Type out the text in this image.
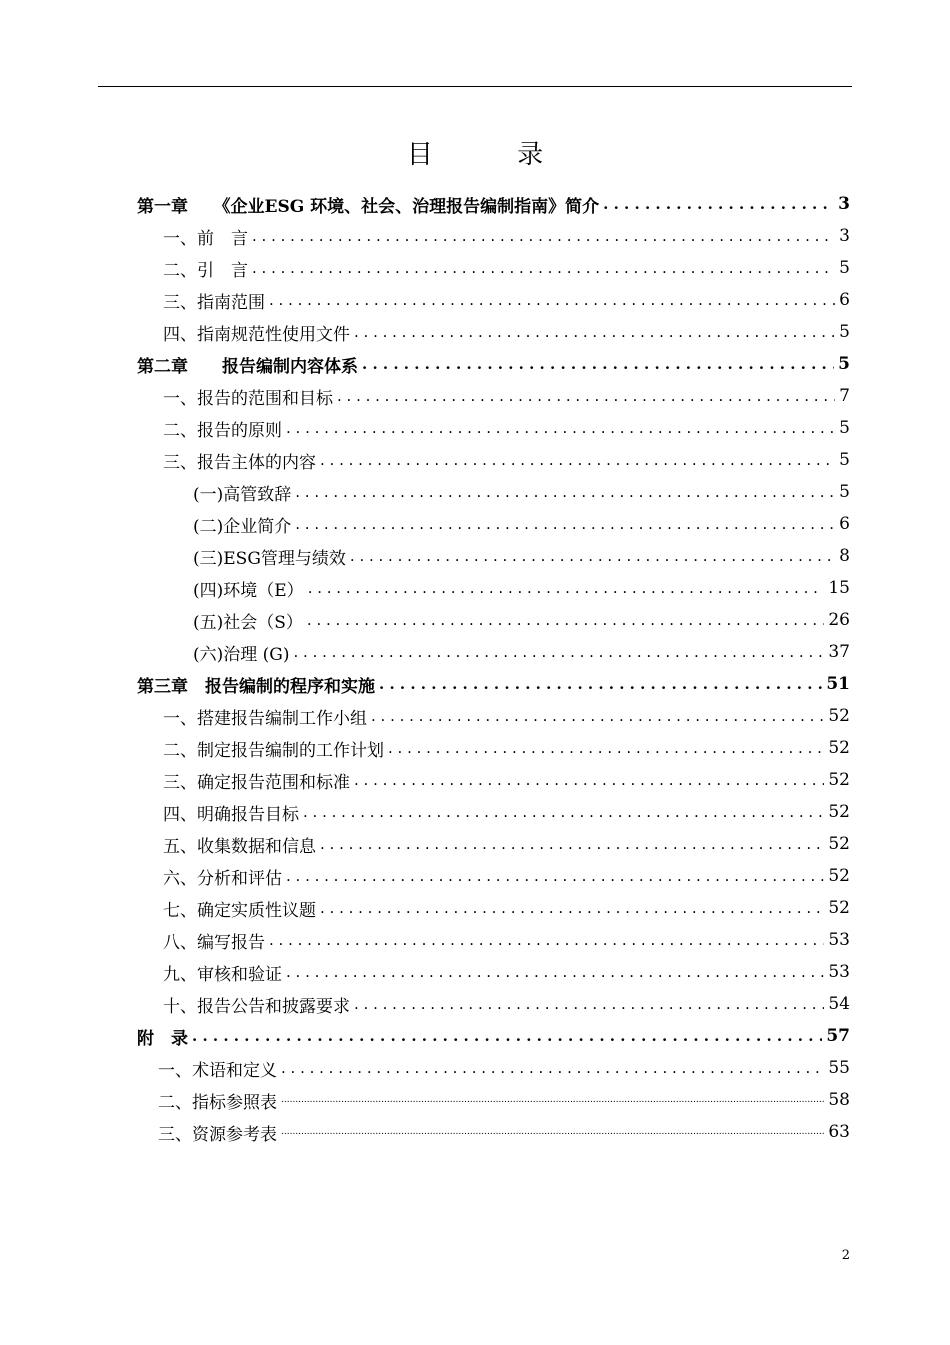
目 录
第一章　　《企业ESG 环境、社会、治理报告编制指南》简介 . . .	3
一、前　言 . . .	3
二、引　言 . . .	5
三、指南范围 . . .	6
四、指南规范性使用文件 . . .	5
第二章　　报告编制内容体系 . . .	5
一、报告的范围和目标 . . .	7
二、报告的原则 . . .	5
三、报告主体的内容 . . .	5
(一)高管致辞 . . .	5
(二)企业简介 . . .	6
(三)ESG管理与绩效 . . .	8
(四)环境（E） . . .	15
(五)社会（S） . . .	26
(六)治理 (G) . . .	37
第三章　报告编制的程序和实施 . . .	51
一、搭建报告编制工作小组 . . .	52
二、制定报告编制的工作计划 . . .	52
三、确定报告范围和标准 . . .	52
四、明确报告目标 . . .	52
五、收集数据和信息 . . .	52
六、分析和评估 . . .	52
七、确定实质性议题 . . .	52
八、编写报告 . . .	53
九、审核和验证 . . .	53
十、报告公告和披露要求 . . .	54
附　录 . . .	57
一、术语和定义 . . .	55
二、指标参照表 .....	58
三、资源参考表 .....	63
2
